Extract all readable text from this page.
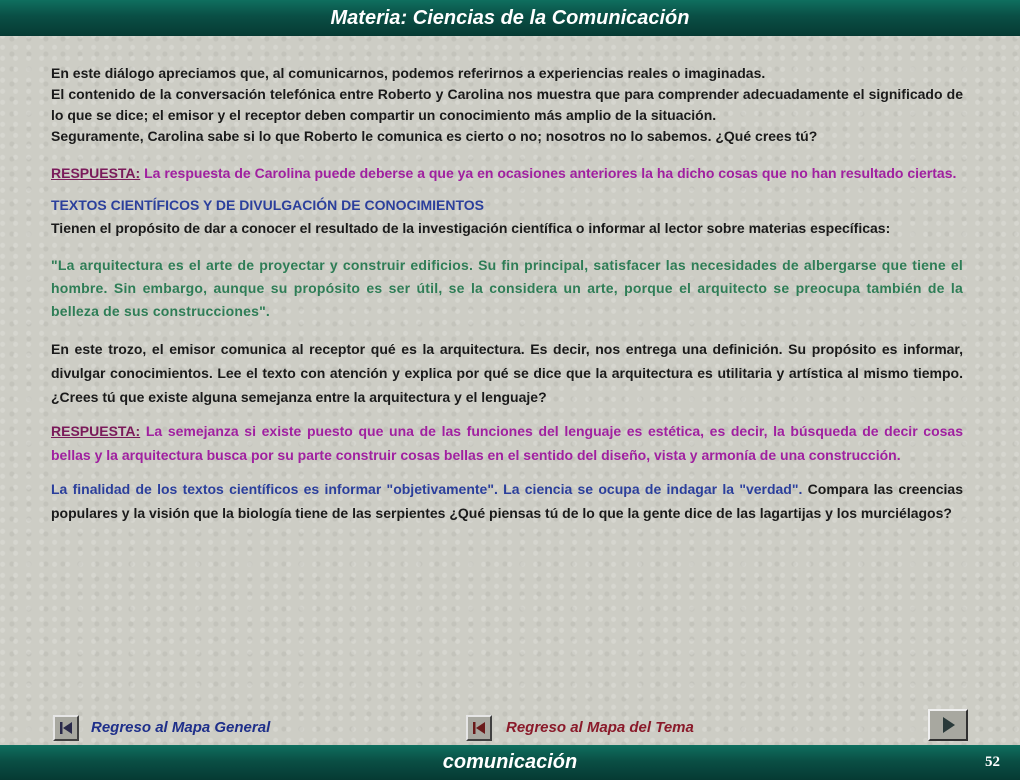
Materia: Ciencias de la Comunicación

En este diálogo apreciamos que, al comunicarnos, podemos referirnos a experiencias reales o imaginadas.

El contenido de la conversación telefónica entre Roberto y Carolina nos muestra que para comprender adecuadamente el significado de lo que se dice; el emisor y el receptor deben compartir un conocimiento más amplio de la situación.

Seguramente, Carolina sabe si lo que Roberto le comunica es cierto o no; nosotros no lo sabemos. ¿Qué crees tú?

RESPUESTA: La respuesta de Carolina puede deberse a que ya en ocasiones anteriores la ha dicho cosas que no han resultado ciertas.

TEXTOS CIENTÍFICOS Y DE DIVULGACIÓN DE CONOCIMIENTOS

Tienen el propósito de dar a conocer el resultado de la investigación científica o informar al lector sobre materias específicas:

"La arquitectura es el arte de proyectar y construir edificios. Su fin principal, satisfacer las necesidades de albergarse que tiene el hombre. Sin embargo, aunque su propósito es ser útil, se la considera un arte, porque el arquitecto se preocupa también de la belleza de sus construcciones".

En este trozo, el emisor comunica al receptor qué es la arquitectura. Es decir, nos entrega una definición. Su propósito es informar, divulgar conocimientos. Lee el texto con atención y explica por qué se dice que la arquitectura es utilitaria y artística al mismo tiempo. ¿Crees tú que existe alguna semejanza entre la arquitectura y el lenguaje?

RESPUESTA: La semejanza si existe puesto que una de las funciones del lenguaje es estética, es decir, la búsqueda de decir cosas bellas y la arquitectura busca por su parte construir cosas bellas en el sentido del diseño, vista y armonía de una construcción.

La finalidad de los textos científicos es informar "objetivamente". La ciencia se ocupa de indagar la "verdad". Compara las creencias populares y la visión que la biología tiene de las serpientes ¿Qué piensas tú de lo que la gente dice de las lagartijas y los murciélagos?

Regreso al Mapa General	Regreso al Mapa del Tema
comunicación	52
